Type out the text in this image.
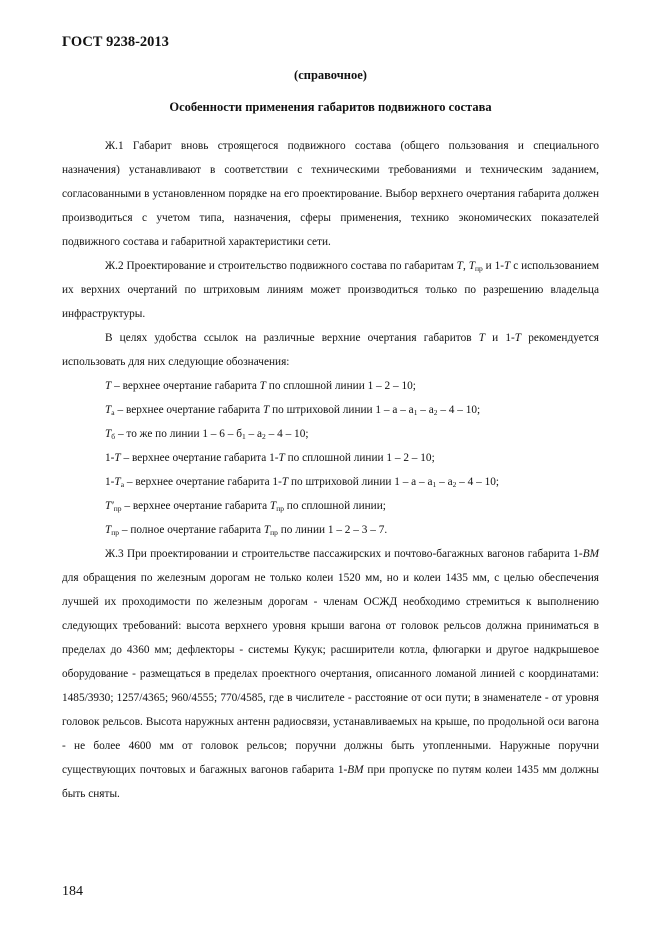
ГОСТ 9238-2013
(справочное)
Особенности применения габаритов подвижного состава

Ж.1 Габарит вновь строящегося подвижного состава (общего пользования и специального назначения) устанавливают в соответствии с техническими требованиями и техническим заданием, согласованными в установленном порядке на его проектирование. Выбор верхнего очертания габарита должен производиться с учетом типа, назначения, сферы применения, технико экономических показателей подвижного состава и габаритной характеристики сети.

Ж.2 Проектирование и строительство подвижного состава по габаритам Т, $Т_{пр}$ и 1-Т с использованием их верхних очертаний по штриховым линиям может производиться только по разрешению владельца инфраструктуры.

В целях удобства ссылок на различные верхние очертания габаритов Т и 1-Т рекомендуется использовать для них следующие обозначения:

Т – верхнее очертание габарита Т по сплошной линии 1 – 2 – 10;

$Т_а$ – верхнее очертание габарита Т по штриховой линии 1 – а – $а_1 - а_2 - 4 - 10$;

$Т_б$ – то же по линии $1 - 6 - б_1 - а_2 - 4 - 10$;

1-Т – верхнее очертание габарита 1-Т по сплошной линии 1 – 2 – 10;

$1-Т_а$ – верхнее очертание габарита 1-Т по штриховой линии 1 – а – $а_1 - а_2 - 4 - 10$;

$Т'_{пр}$ – верхнее очертание габарита $Т_{пр}$ по сплошной линии;

$Т_{пр}$ – полное очертание габарита $Т_{пр}$ по линии 1 – 2 – 3 – 7.

Ж.3 При проектировании и строительстве пассажирских и почтово-багажных вагонов габарита 1-ВМ для обращения по железным дорогам не только колеи 1520 мм, но и колеи 1435 мм, с целью обеспечения лучшей их проходимости по железным дорогам - членам ОСЖД необходимо стремиться к выполнению следующих требований: высота верхнего уровня крыши вагона от головок рельсов должна приниматься в пределах до 4360 мм; дефлекторы - системы Кукук; расширители котла, флюгарки и другое надкрышевое оборудование - размещаться в пределах проектного очертания, описанного ломаной линией с координатами: 1485/3930; 1257/4365; 960/4555; 770/4585, где в числителе - расстояние от оси пути; в знаменателе - от уровня головок рельсов. Высота наружных антенн радиосвязи, устанавливаемых на крыше, по продольной оси вагона - не более 4600 мм от головок рельсов; поручни должны быть утопленными. Наружные поручни существующих почтовых и багажных вагонов габарита 1-ВМ при пропуске по путям колеи 1435 мм должны быть сняты.

184
